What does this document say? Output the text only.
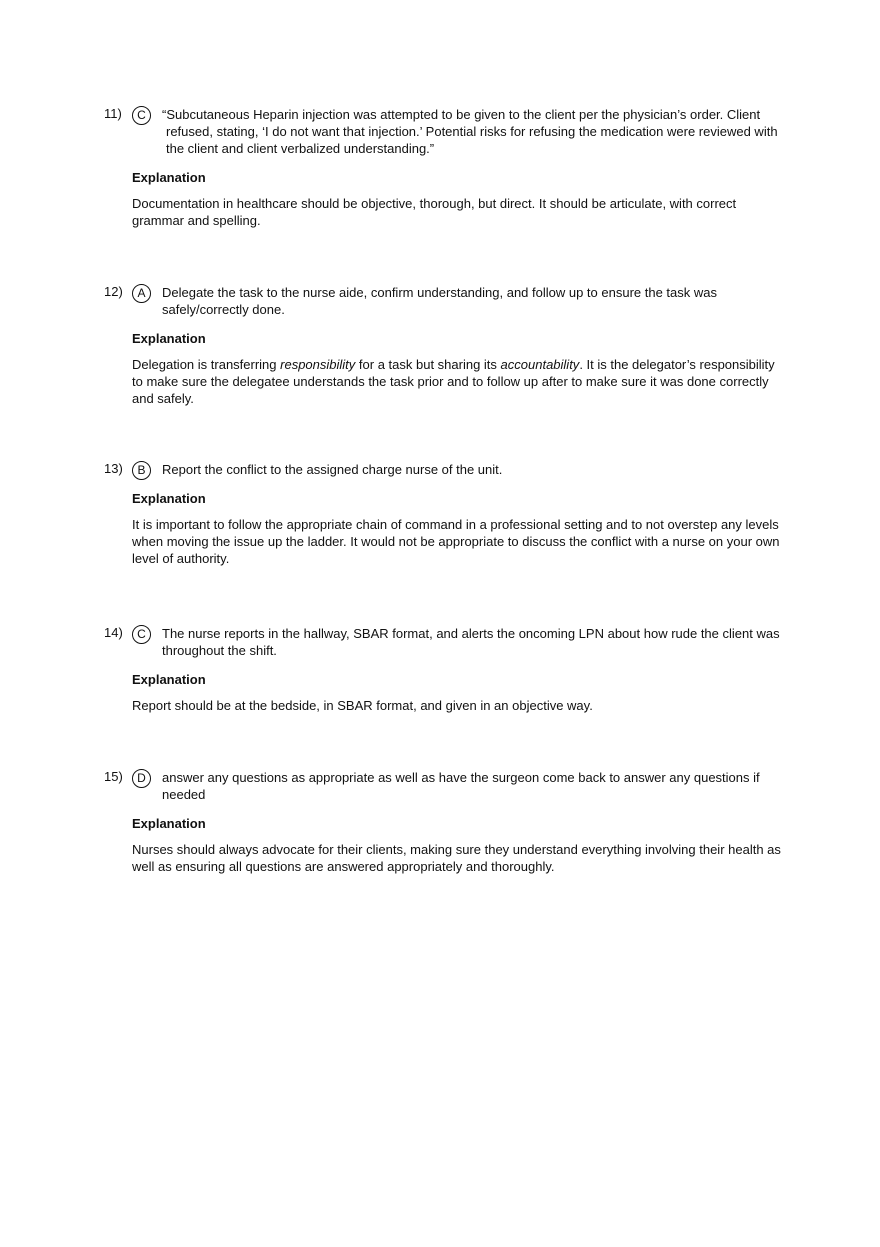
11)	C	“Subcutaneous Heparin injection was attempted to be given to the client per the physician’s order. Client refused, stating, ‘I do not want that injection.’ Potential risks for refusing the medication were reviewed with the client and client verbalized understanding.”
Explanation
Documentation in healthcare should be objective, thorough, but direct. It should be articulate, with correct grammar and spelling.
12)	A	Delegate the task to the nurse aide, confirm understanding, and follow up to ensure the task was safely/correctly done.
Explanation
Delegation is transferring responsibility for a task but sharing its accountability. It is the delegator’s responsibility to make sure the delegatee understands the task prior and to follow up after to make sure it was done correctly and safely.
13)	B	Report the conflict to the assigned charge nurse of the unit.
Explanation
It is important to follow the appropriate chain of command in a professional setting and to not overstep any levels when moving the issue up the ladder. It would not be appropriate to discuss the conflict with a nurse on your own level of authority.
14)	C	The nurse reports in the hallway, SBAR format, and alerts the oncoming LPN about how rude the client was throughout the shift.
Explanation
Report should be at the bedside, in SBAR format, and given in an objective way.
15)	D	answer any questions as appropriate as well as have the surgeon come back to answer any questions if needed
Explanation
Nurses should always advocate for their clients, making sure they understand everything involving their health as well as ensuring all questions are answered appropriately and thoroughly.
